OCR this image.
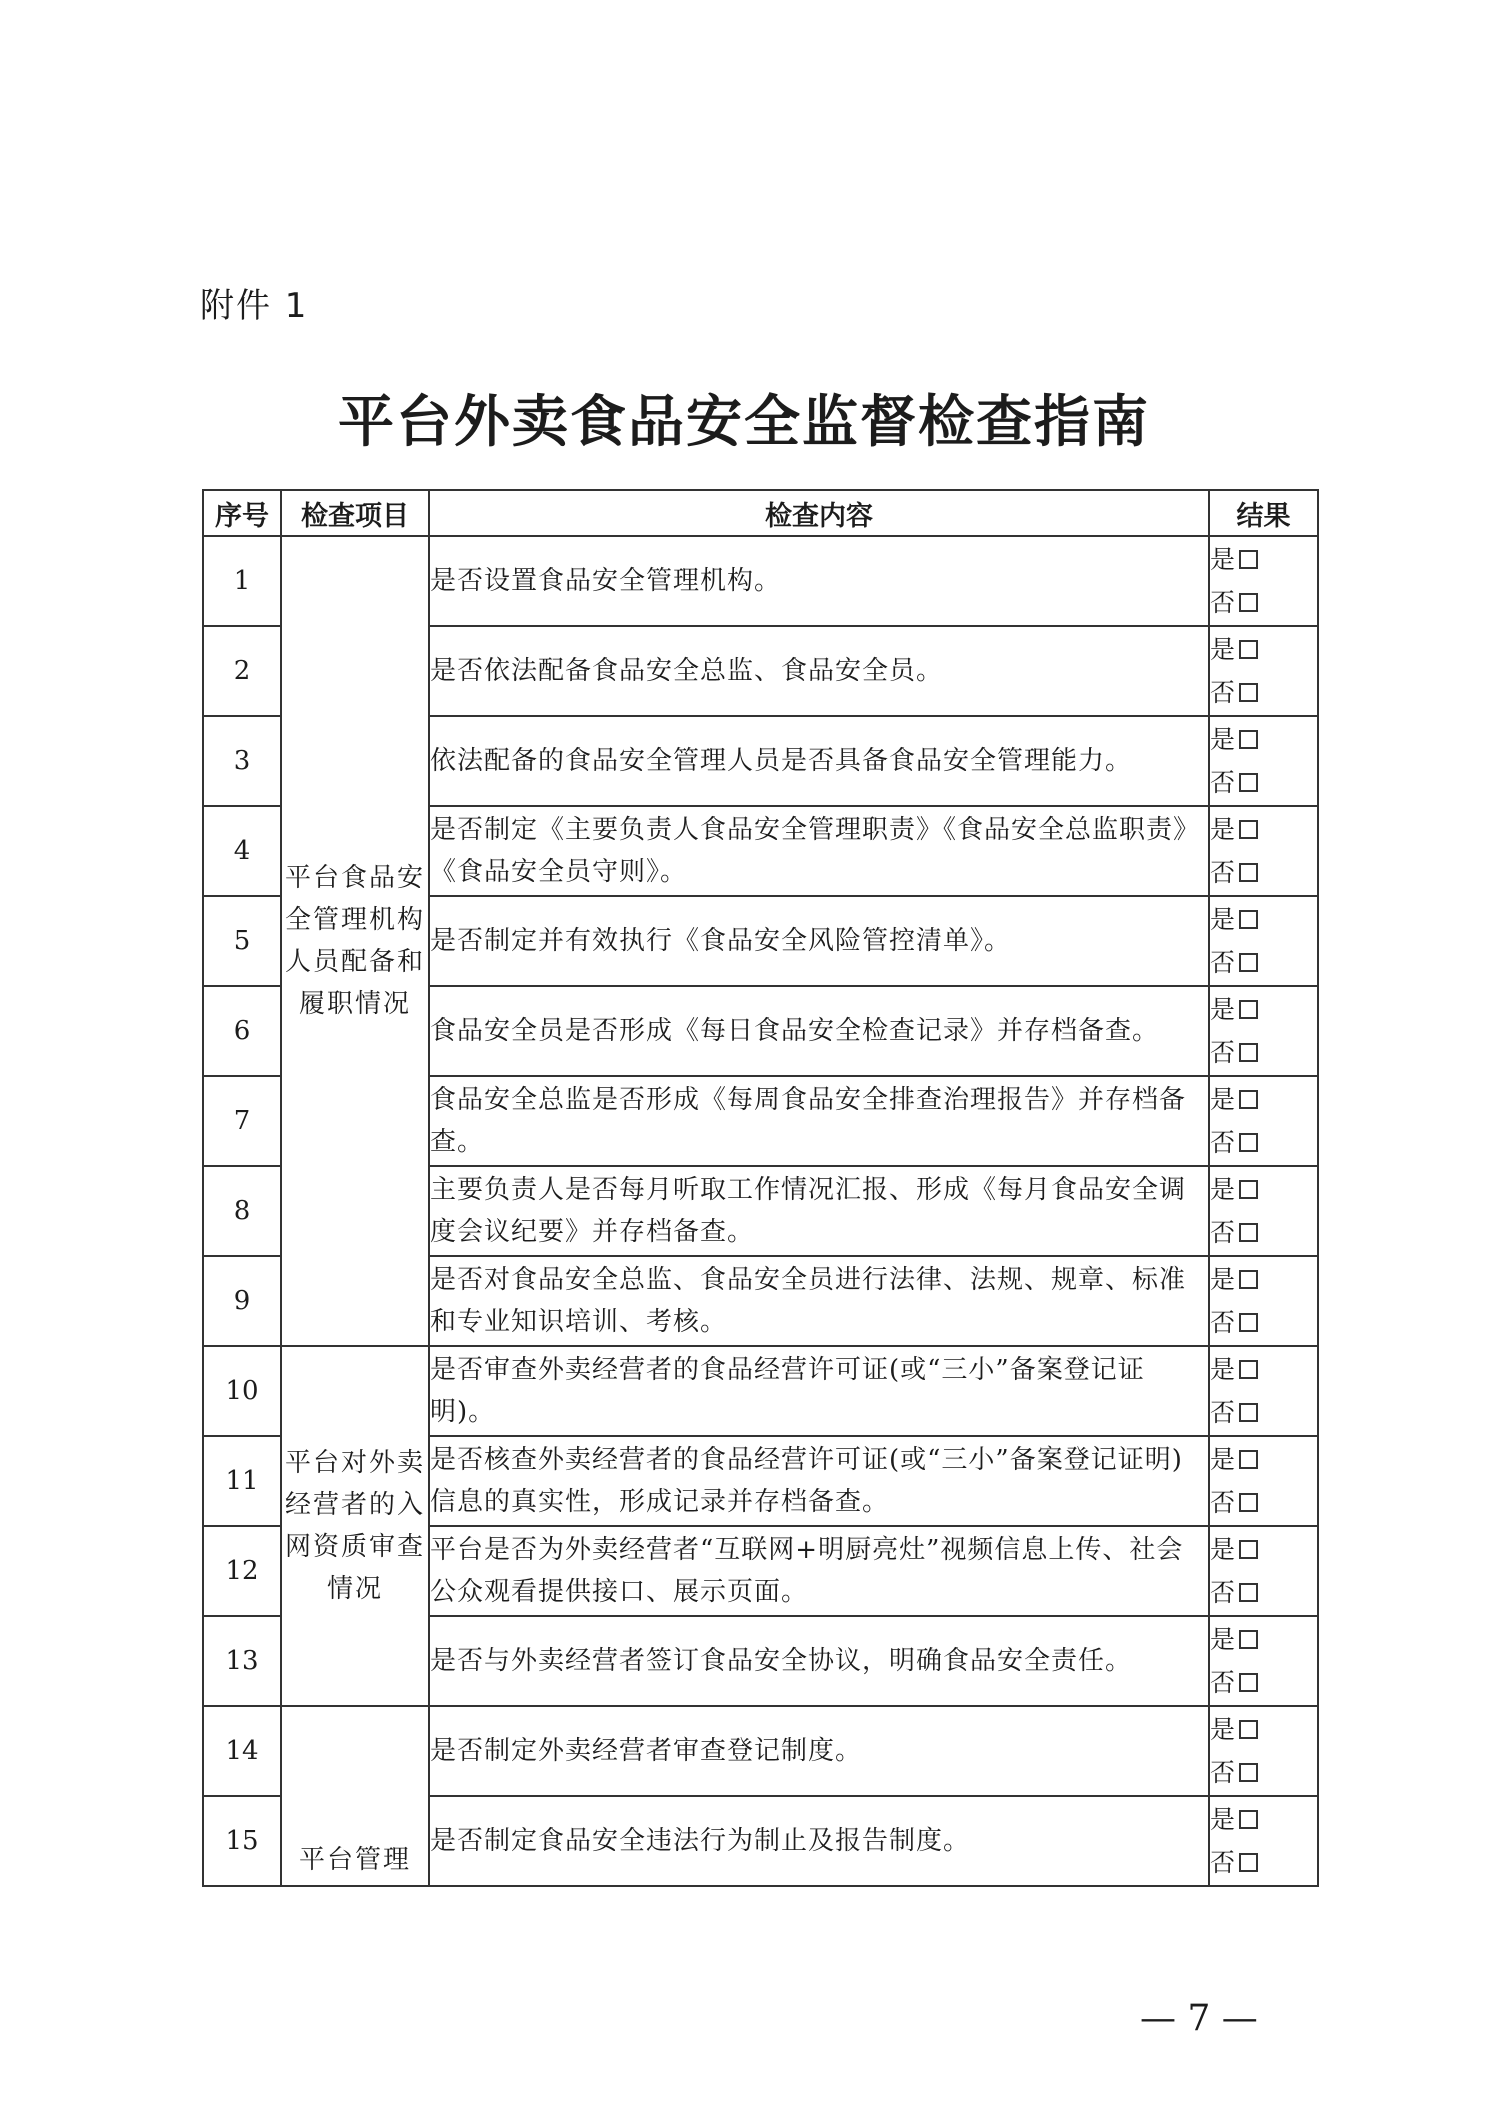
附件 1
平台外卖食品安全监督检查指南
序号	检查项目	检查内容	结果
1	平台食品安全管理机构人员配备和履职情况	是否设置食品安全管理机构。	是
否

2		是否依法配备食品安全总监、食品安全员。	是
否

3		依法配备的食品安全管理人员是否具备食品安全管理能力。	是
否

4		是否制定《主要负责人食品安全管理职责》《食品安全总监职责》《食品安全员守则》。	是
否

5		是否制定并有效执行《食品安全风险管控清单》。	是
否

6		食品安全员是否形成《每日食品安全检查记录》并存档备查。	是
否

7		食品安全总监是否形成《每周食品安全排查治理报告》并存档备查。	是
否

8		主要负责人是否每月听取工作情况汇报、形成《每月食品安全调度会议纪要》并存档备查。	是
否

9		是否对食品安全总监、食品安全员进行法律、法规、规章、标准和专业知识培训、考核。	是
否

10	平台对外卖经营者的入网资质审查情况	是否审查外卖经营者的食品经营许可证(或“三小”备案登记证明)。	是
否

11		是否核查外卖经营者的食品经营许可证(或“三小”备案登记证明)信息的真实性，形成记录并存档备查。	是
否

12		平台是否为外卖经营者“互联网+明厨亮灶”视频信息上传、社会公众观看提供接口、展示页面。	是
否

13		是否与外卖经营者签订食品安全协议，明确食品安全责任。	是
否

14	平台管理	是否制定外卖经营者审查登记制度。	是
否

15		是否制定食品安全违法行为制止及报告制度。	是
否
— 7 —
